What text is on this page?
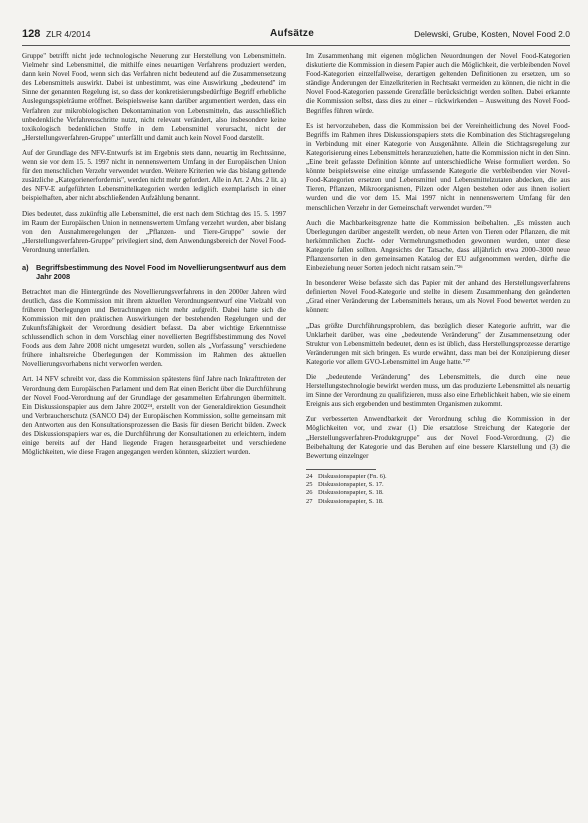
128 ZLR 4/2014	Aufsätze	Delewski, Grube, Kosten, Novel Food 2.0

Gruppe" betrifft nicht jede technologische Neuerung zur Herstellung von Lebensmitteln. Vielmehr sind Lebensmittel, die mithilfe eines neuartigen Verfahrens produziert werden, dann kein Novel Food, wenn sich das Verfahren nicht bedeutend auf die Zusammensetzung des Lebensmittels auswirkt. Dabei ist unbestimmt, was eine Auswirkung „bedeutend" im Sinne der genannten Regelung ist, so dass der konkretisierungsbedürftige Begriff erhebliche Auslegungsspielräume eröffnet. Beispielsweise kann darüber argumentiert werden, dass ein Verfahren zur mikrobiologischen Dekontamination von Lebensmitteln, das ausschließlich unbedenkliche Verfahrensschritte nutzt, nicht relevant verändert, also insbesondere keine toxikologisch bedenklichen Stoffe in dem Lebensmittel verursacht, nicht der „Herstellungsverfahren-Gruppe" unterfällt und damit auch kein Novel Food darstellt.

Auf der Grundlage des NFV-Entwurfs ist im Ergebnis stets dann, neuartig im Rechtssinne, wenn sie vor dem 15. 5. 1997 nicht in nennenswertem Umfang in der Europäischen Union für den menschlichen Verzehr verwendet wurden. Weitere Kriterien wie das bislang geltende zusätzliche „Kategorienerfordernis", werden nicht mehr gefordert. Alle in Art. 2 Abs. 2 lit. a) des NFV-E aufgeführten Lebensmittelkategorien werden lediglich exemplarisch in einer beispielhaften, aber nicht abschließenden Aufzählung benannt.

Dies bedeutet, dass zukünftig alle Lebensmittel, die erst nach dem Stichtag des 15. 5. 1997 im Raum der Europäischen Union in nennenswertem Umfang verzehrt wurden, aber bislang von den Ausnahmeregelungen der „Pflanzen- und Tiere-Gruppe" sowie der „Herstellungsverfahren-Gruppe" privilegiert sind, dem Anwendungsbereich der Novel Food-Verordnung unterfallen.

a)	Begriffsbestimmung des Novel Food im Novellierungsentwurf aus dem Jahr 2008

Betrachtet man die Hintergründe des Novellierungsverfahrens in den 2000er Jahren wird deutlich, dass die Kommission mit ihrem aktuellen Verordnungsentwurf eine Vielzahl von früheren Überlegungen und Betrachtungen nicht mehr aufgreift. Dabei hatte sich die Kommission mit den praktischen Auswirkungen der bestehenden Regelungen und der Zukunftsfähigkeit der Verordnung desidiert befasst. Da aber wichtige Erkenntnisse schlussendlich schon in dem Vorschlag einer novellierten Begriffsbestimmung des Novel Foods aus dem Jahre 2008 nicht umgesetzt wurden, sollen als „Vorfassung" verschiedene frühere inhaltsreiche Überlegungen der Kommission im Rahmen des aktuellen Novellierungsvorhabens nicht verworfen werden.

Art. 14 NFV schreibt vor, dass die Kommission spätestens fünf Jahre nach Inkrafttreten der Verordnung dem Europäischen Parlament und dem Rat einen Bericht über die Durchführung der Novel Food-Verordnung auf der Grundlage der gesammelten Erfahrungen übermittelt. Ein Diskussionspapier aus dem Jahre 2002²⁴, erstellt von der Generaldirektion Gesundheit und Verbraucherschutz (SANCO D4) der Europäischen Kommission, sollte gemeinsam mit den Antworten aus den Konsultationsprozessen die Basis für diesen Bericht bilden. Zweck des Diskussionspapiers war es, die Durchführung der Konsultationen zu erleichtern, indem einige bereits auf der Hand liegende Fragen herausgearbeitet und verschiedene Möglichkeiten, wie diese Fragen angegangen werden könnten, skizziert wurden.

Im Zusammenhang mit eigenen möglichen Neuordnungen der Novel Food-Kategorien diskutierte die Kommission in diesem Papier auch die Möglichkeit, die verbleibenden Novel Food-Kategorien einzelfallweise, derartigen geltenden Definitionen zu ersetzen, um so ständige Änderungen der Einzelkriterien in Rechtsakt vermeiden zu können, die nicht in die Novel Food-Kategorien passende Grenzfälle berücksichtigt werden sollten. Dabei erkannte die Kommission selbst, dass dies zu einer – rückwirkenden – Ausweitung des Novel Food-Begriffes führen würde.

Es ist hervorzuheben, dass die Kommission bei der Vereinheitlichung des Novel Food-Begriffs im Rahmen ihres Diskussionspapiers stets die Kombination des Stichtagsregelung in Verbindung mit einer Kategorie von Ausgenähnte. Allein die Stichtagsregelung zur Kategorisierung eines Lebensmittels heranzuziehen, hatte die Kommission nicht in den Sinn. „Eine breit gefasste Definition könnte auf unterschiedliche Weise formuliert werden. So könnte beispielsweise eine einzige umfassende Kategorie die verbleibenden vier Novel-Food-Kategorien ersetzen und Lebensmittel und Lebensmittelzutaten abdecken, die aus Tieren, Pflanzen, Mikroorganismen, Pilzen oder Algen bestehen oder aus ihnen isoliert wurden und die vor dem 15. Mai 1997 nicht in nennenswertem Umfang für den menschlichen Verzehr in der Gemeinschaft verwendet wurden."²⁵

Auch die Machbarkeitsgrenze hatte die Kommission beibehalten. „Es müssten auch Überlegungen darüber angestellt werden, ob neue Arten von Tieren oder Pflanzen, die mit herkömmlichen Zucht- oder Vermehrungsmethoden gewonnen wurden, unter diese Kategorie fallen sollten. Angesichts der Tatsache, dass alljährlich etwa 2000–3000 neue Pflanzensorten in den gemeinsamen Katalog der EU aufgenommen werden, dürfte die Einbeziehung neuer Sorten jedoch nicht ratsam sein."²⁶

In besonderer Weise befasste sich das Papier mit der anhand des Herstellungsverfahrens definierten Novel Food-Kategorie und stellte in diesem Zusammenhang den geänderten „Grad einer Veränderung der Lebensmittels heraus, um als Novel Food bewertet werden zu können:

„Das größte Durchführungsproblem, das bezüglich dieser Kategorie auftritt, war die Unklarheit darüber, was eine „bedeutende Veränderung" der Zusammensetzung oder Struktur von Lebensmitteln bedeutet, denn es ist üblich, dass Herstellungsprozesse derartige Veränderungen mit sich bringen. Es wurde erwähnt, dass man bei der Konzipierung dieser Kategorie vor allem GVO-Lebensmittel im Auge hatte."²⁷

Die „bedeutende Veränderung" des Lebensmittels, die durch eine neue Herstellungstechnologie bewirkt werden muss, um das produzierte Lebensmittel als neuartig im Sinne der Verordnung zu qualifizieren, muss also eine Erheblichkeit haben, wie sie einem Ereignis aus sich ergebenden und bestimmten Organismen zukommt.

Zur verbesserten Anwendbarkeit der Verordnung schlug die Kommission in der Möglichkeiten vor, und zwar (1) Die ersatzlose Streichung der Kategorie der „Herstellungsverfahren-Produktgruppe" aus der Novel Food-Verordnung, (2) die Beibehaltung der Kategorie und das Beruhen auf eine bessere Klarstellung und (3) die Bewertung einzelnger

24 Diskussionspapier (Fn. 6).
25 Diskussionspapier, S. 17.
26 Diskussionspapier, S. 18.
27 Diskussionspapier, S. 18.
